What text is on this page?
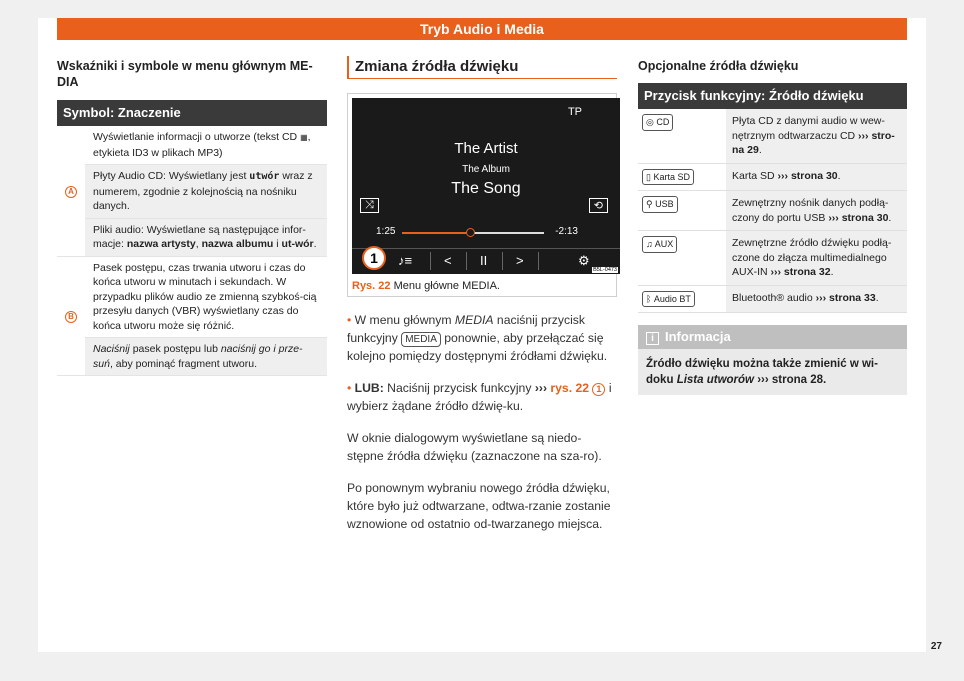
Tryb Audio i Media
Wskaźniki i symbole w menu głównym ME-DIA
Symbol: Znaczenie
A	Wyświetlanie informacji o utworze (tekst CD ▦, etykieta ID3 w plikach MP3)
	Płyty Audio CD: Wyświetlany jest utwór wraz z numerem, zgodnie z kolejnością na nośniku danych.
	Pliki audio: Wyświetlane są następujące infor-macje: nazwa artysty, nazwa albumu i ut-wór.
B	Pasek postępu, czas trwania utworu i czas do końca utworu w minutach i sekundach. W przypadku plików audio ze zmienną szybkoś-cią przesyłu danych (VBR) wyświetlany czas do końca utworu może się różnić.
	Naciśnij pasek postępu lub naciśnij go i prze-suń, aby pominąć fragment utworu.
Zmiana źródła dźwięku
TP
The Artist
The Album
The Song
⤨	⟲
1:25	-2:13
♪≡ < II >	⚙
1
B5L-0473
Rys. 22 Menu główne MEDIA.

• W menu głównym MEDIA naciśnij przycisk funkcyjny MEDIA ponownie, aby przełączać się kolejno pomiędzy dostępnymi źródłami dźwięku.

• LUB: Naciśnij przycisk funkcyjny ››› rys. 22 1 i wybierz żądane źródło dźwię-ku.

W oknie dialogowym wyświetlane są niedo-stępne źródła dźwięku (zaznaczone na sza-ro).

Po ponownym wybraniu nowego źródła dźwięku, które było już odtwarzane, odtwa-rzanie zostanie wznowione od ostatnio od-twarzanego miejsca.

Opcjonalne źródła dźwięku
Przycisk funkcyjny: Źródło dźwięku
◎ CD	Płyta CD z danymi audio w wew-nętrznym odtwarzaczu CD ››› stro-na 29.
▯ Karta SD	Karta SD ››› strona 30.
⚲ USB	Zewnętrzny nośnik danych podłą-czony do portu USB ››› strona 30.
♫ AUX	Zewnętrzne źródło dźwięku podłą-czone do złącza multimedialnego AUX-IN ››› strona 32.
ᛒ Audio BT	Bluetooth® audio ››› strona 33.
i Informacja
Źródło dźwięku można także zmienić w wi-doku Lista utworów ››› strona 28.
27
